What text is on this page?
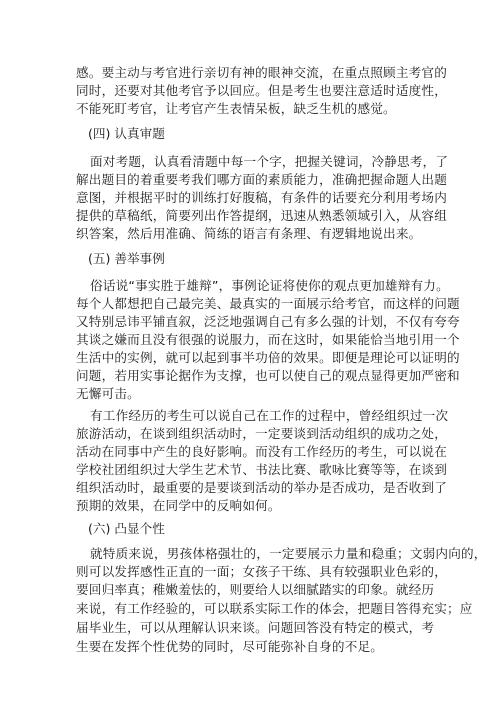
感。要主动与考官进行亲切有神的眼神交流，在重点照顾主考官的
同时，还要对其他考官予以回应。但是考生也要注意适时适度性，
不能死盯考官，让考官产生表情呆板，缺乏生机的感觉。
(四) 认真审题
面对考题，认真看清题中每一个字，把握关键词，冷静思考，了
解出题目的着重要考我们哪方面的素质能力，准确把握命题人出题
意图，并根据平时的训练打好腹稿，有条件的话要充分利用考场内
提供的草稿纸，简要列出作答提纲，迅速从熟悉领域引入，从容组
织答案，然后用准确、简练的语言有条理、有逻辑地说出来。
(五) 善举事例
俗话说“事实胜于雄辩”，事例论证将使你的观点更加雄辩有力。
每个人都想把自己最完美、最真实的一面展示给考官，而这样的问题
又特别忌讳平铺直叙，泛泛地强调自己有多么强的计划，不仅有夸夸
其谈之嫌而且没有很强的说服力，而在这时，如果能恰当地引用一个
生活中的实例，就可以起到事半功倍的效果。即便是理论可以证明的
问题，若用实事论据作为支撑，也可以使自己的观点显得更加严密和
无懈可击。
有工作经历的考生可以说自己在工作的过程中，曾经组织过一次
旅游活动，在谈到组织活动时，一定要谈到活动组织的成功之处，
活动在同事中产生的良好影响。而没有工作经历的考生，可以说在
学校社团组织过大学生艺术节、书法比赛、歌咏比赛等等，在谈到
组织活动时，最重要的是要谈到活动的举办是否成功，是否收到了
预期的效果，在同学中的反响如何。
(六) 凸显个性
就特质来说，男孩体格强壮的，一定要展示力量和稳重；文弱内向的，
则可以发挥感性正直的一面；女孩子干练、具有较强职业色彩的，
要回归率真；稚嫩羞怯的，则要给人以细腻踏实的印象。就经历
来说，有工作经验的，可以联系实际工作的体会，把题目答得充实；应
届毕业生，可以从理解认识来谈。问题回答没有特定的模式，考
生要在发挥个性优势的同时，尽可能弥补自身的不足。
